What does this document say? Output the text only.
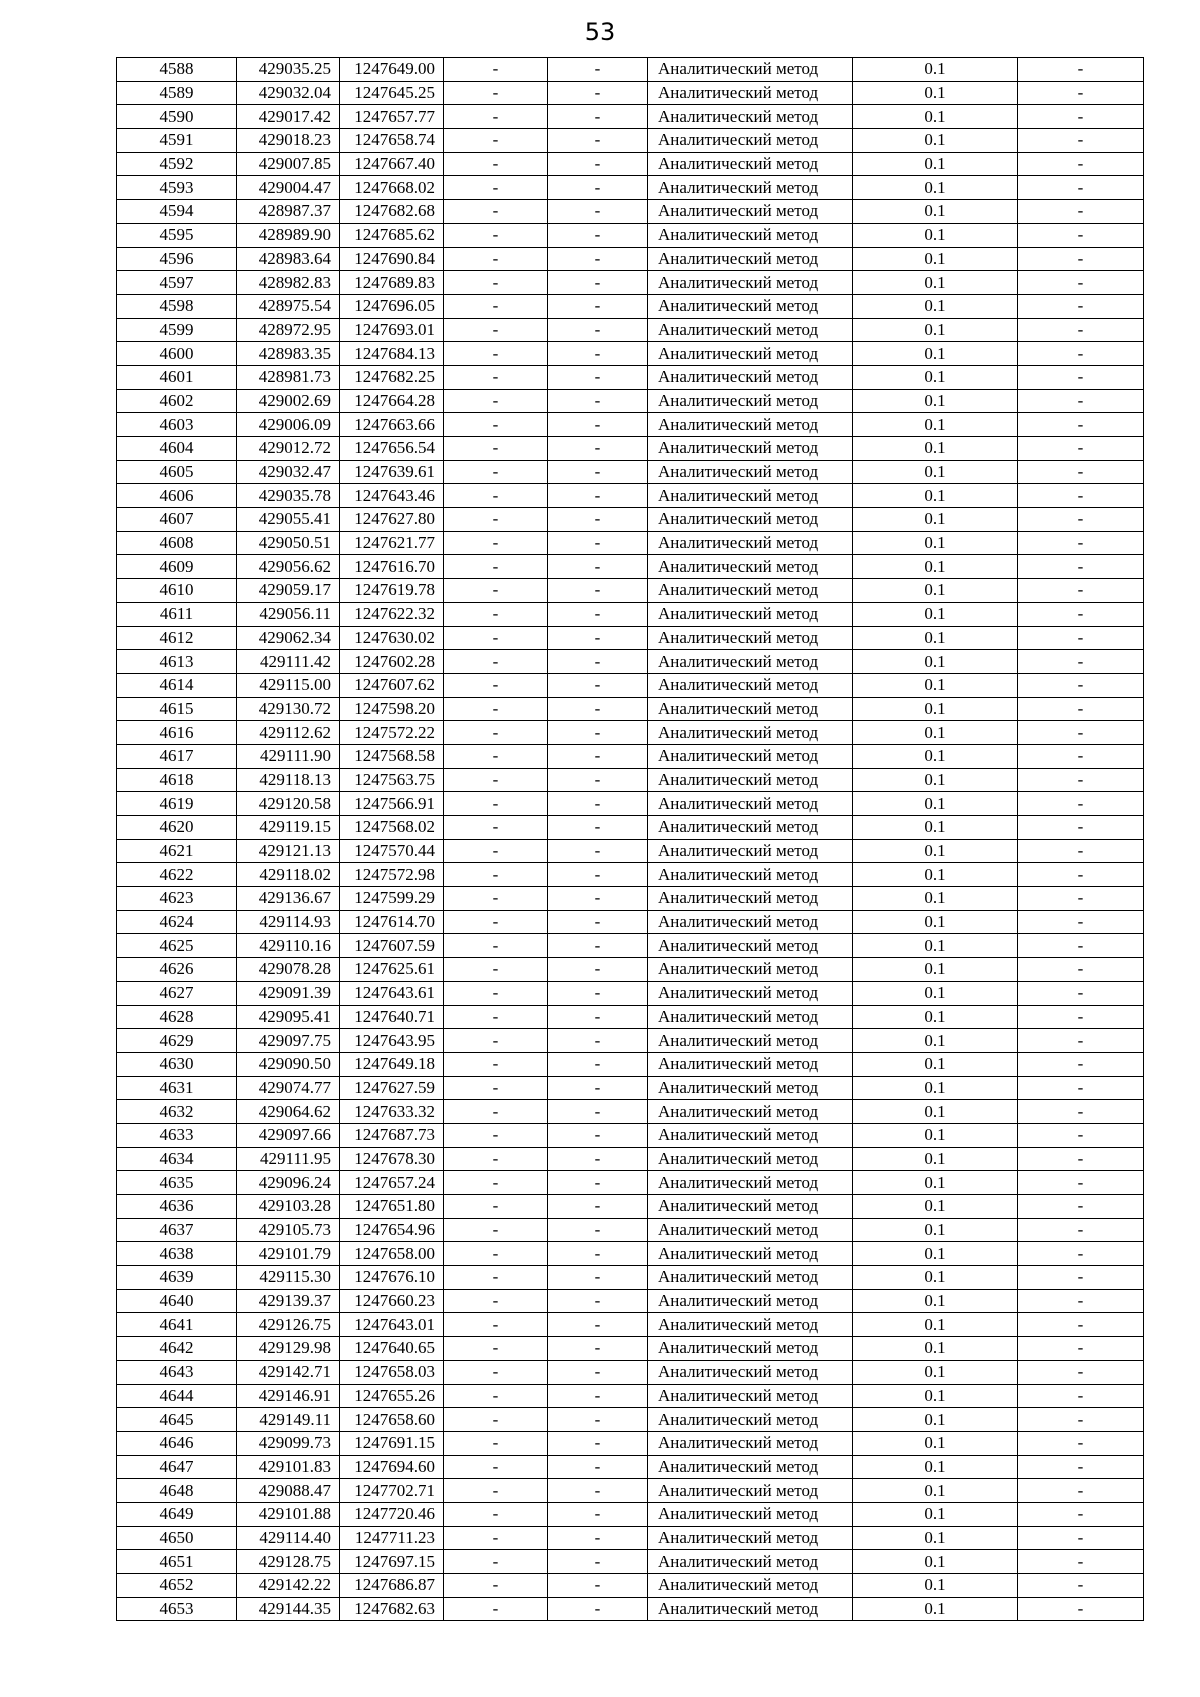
53
4588	429035.25	1247649.00	-	-	Аналитический метод	0.1	-
4589	429032.04	1247645.25	-	-	Аналитический метод	0.1	-
4590	429017.42	1247657.77	-	-	Аналитический метод	0.1	-
4591	429018.23	1247658.74	-	-	Аналитический метод	0.1	-
4592	429007.85	1247667.40	-	-	Аналитический метод	0.1	-
4593	429004.47	1247668.02	-	-	Аналитический метод	0.1	-
4594	428987.37	1247682.68	-	-	Аналитический метод	0.1	-
4595	428989.90	1247685.62	-	-	Аналитический метод	0.1	-
4596	428983.64	1247690.84	-	-	Аналитический метод	0.1	-
4597	428982.83	1247689.83	-	-	Аналитический метод	0.1	-
4598	428975.54	1247696.05	-	-	Аналитический метод	0.1	-
4599	428972.95	1247693.01	-	-	Аналитический метод	0.1	-
4600	428983.35	1247684.13	-	-	Аналитический метод	0.1	-
4601	428981.73	1247682.25	-	-	Аналитический метод	0.1	-
4602	429002.69	1247664.28	-	-	Аналитический метод	0.1	-
4603	429006.09	1247663.66	-	-	Аналитический метод	0.1	-
4604	429012.72	1247656.54	-	-	Аналитический метод	0.1	-
4605	429032.47	1247639.61	-	-	Аналитический метод	0.1	-
4606	429035.78	1247643.46	-	-	Аналитический метод	0.1	-
4607	429055.41	1247627.80	-	-	Аналитический метод	0.1	-
4608	429050.51	1247621.77	-	-	Аналитический метод	0.1	-
4609	429056.62	1247616.70	-	-	Аналитический метод	0.1	-
4610	429059.17	1247619.78	-	-	Аналитический метод	0.1	-
4611	429056.11	1247622.32	-	-	Аналитический метод	0.1	-
4612	429062.34	1247630.02	-	-	Аналитический метод	0.1	-
4613	429111.42	1247602.28	-	-	Аналитический метод	0.1	-
4614	429115.00	1247607.62	-	-	Аналитический метод	0.1	-
4615	429130.72	1247598.20	-	-	Аналитический метод	0.1	-
4616	429112.62	1247572.22	-	-	Аналитический метод	0.1	-
4617	429111.90	1247568.58	-	-	Аналитический метод	0.1	-
4618	429118.13	1247563.75	-	-	Аналитический метод	0.1	-
4619	429120.58	1247566.91	-	-	Аналитический метод	0.1	-
4620	429119.15	1247568.02	-	-	Аналитический метод	0.1	-
4621	429121.13	1247570.44	-	-	Аналитический метод	0.1	-
4622	429118.02	1247572.98	-	-	Аналитический метод	0.1	-
4623	429136.67	1247599.29	-	-	Аналитический метод	0.1	-
4624	429114.93	1247614.70	-	-	Аналитический метод	0.1	-
4625	429110.16	1247607.59	-	-	Аналитический метод	0.1	-
4626	429078.28	1247625.61	-	-	Аналитический метод	0.1	-
4627	429091.39	1247643.61	-	-	Аналитический метод	0.1	-
4628	429095.41	1247640.71	-	-	Аналитический метод	0.1	-
4629	429097.75	1247643.95	-	-	Аналитический метод	0.1	-
4630	429090.50	1247649.18	-	-	Аналитический метод	0.1	-
4631	429074.77	1247627.59	-	-	Аналитический метод	0.1	-
4632	429064.62	1247633.32	-	-	Аналитический метод	0.1	-
4633	429097.66	1247687.73	-	-	Аналитический метод	0.1	-
4634	429111.95	1247678.30	-	-	Аналитический метод	0.1	-
4635	429096.24	1247657.24	-	-	Аналитический метод	0.1	-
4636	429103.28	1247651.80	-	-	Аналитический метод	0.1	-
4637	429105.73	1247654.96	-	-	Аналитический метод	0.1	-
4638	429101.79	1247658.00	-	-	Аналитический метод	0.1	-
4639	429115.30	1247676.10	-	-	Аналитический метод	0.1	-
4640	429139.37	1247660.23	-	-	Аналитический метод	0.1	-
4641	429126.75	1247643.01	-	-	Аналитический метод	0.1	-
4642	429129.98	1247640.65	-	-	Аналитический метод	0.1	-
4643	429142.71	1247658.03	-	-	Аналитический метод	0.1	-
4644	429146.91	1247655.26	-	-	Аналитический метод	0.1	-
4645	429149.11	1247658.60	-	-	Аналитический метод	0.1	-
4646	429099.73	1247691.15	-	-	Аналитический метод	0.1	-
4647	429101.83	1247694.60	-	-	Аналитический метод	0.1	-
4648	429088.47	1247702.71	-	-	Аналитический метод	0.1	-
4649	429101.88	1247720.46	-	-	Аналитический метод	0.1	-
4650	429114.40	1247711.23	-	-	Аналитический метод	0.1	-
4651	429128.75	1247697.15	-	-	Аналитический метод	0.1	-
4652	429142.22	1247686.87	-	-	Аналитический метод	0.1	-
4653	429144.35	1247682.63	-	-	Аналитический метод	0.1	-
